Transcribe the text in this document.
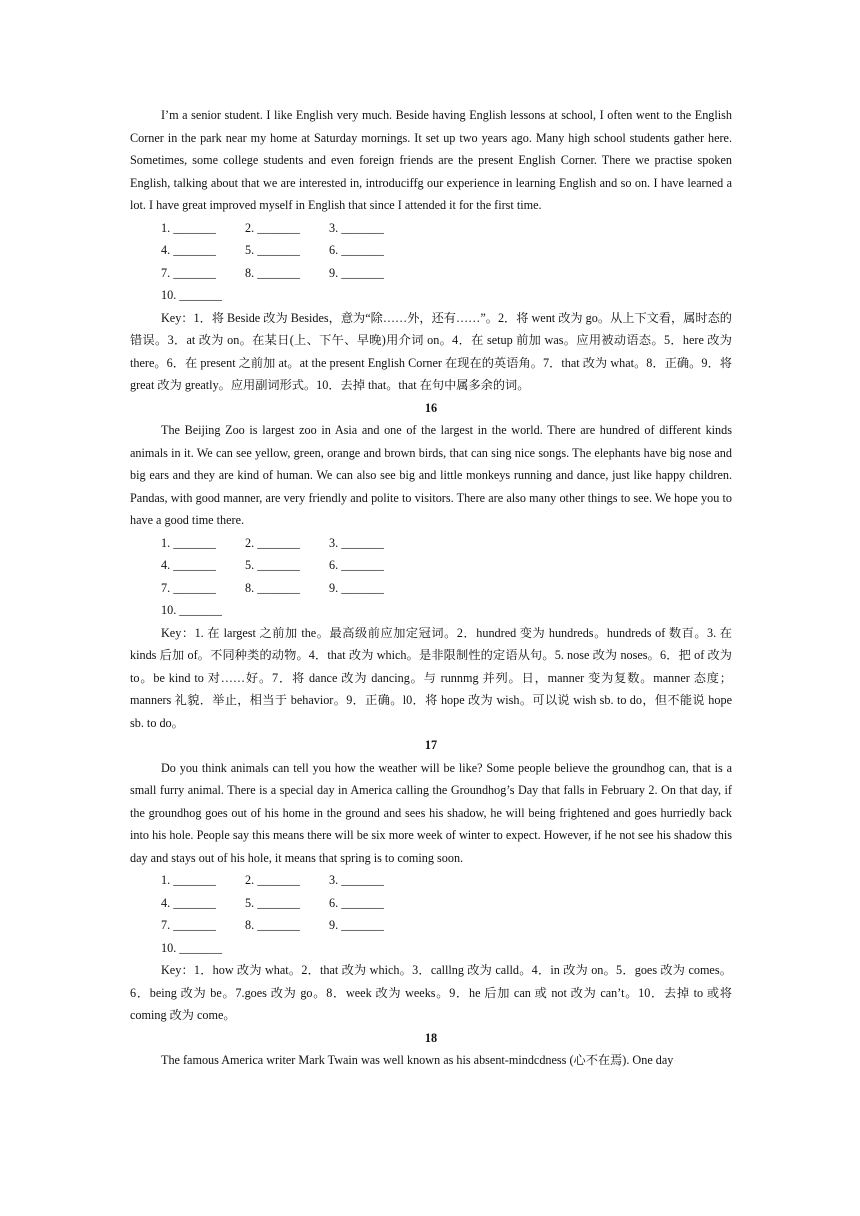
I’m a senior student. I like English very much. Beside having English lessons at school, I often went to the English Corner in the park near my home at Saturday mornings. It set up two years ago. Many high school students gather here. Sometimes, some college students and even foreign friends are the present English Corner. There we practise spoken English, talking about that we are interested in, introduciffg our experience in learning English and so on. I have learned a lot. I have great improved myself in English that since I attended it for the first time.

1. _______	2. _______	3. _______
4. _______	5. _______	6. _______
7. _______	8. _______	9. _______
10. _______

Key：1．将 Beside 改为 Besides，意为“除……外，还有……”。2．将 went 改为 go。从上下文看，属时态的错误。3．at 改为 on。在某日(上、下午、早晚)用介词 on。4．在 setup 前加 was。应用被动语态。5．here 改为 there。6．在 present 之前加 at。at the present English Corner 在现在的英语角。7．that 改为 what。8．正确。9．将 great 改为 greatly。应用副词形式。10．去掉 that。that 在句中属多余的词。

16

The Beijing Zoo is largest zoo in Asia and one of the largest in the world. There are hundred of different kinds animals in it. We can see yellow, green, orange and brown birds, that can sing nice songs. The elephants have big nose and big ears and they are kind of human. We can also see big and little monkeys running and dance, just like happy children. Pandas, with good manner, are very friendly and polite to visitors. There are also many other things to see. We hope you to have a good time there.

1. _______	2. _______	3. _______
4. _______	5. _______	6. _______
7. _______	8. _______	9. _______
10. _______

Key：1. 在 largest 之前加 the。最高级前应加定冠词。2．hundred 变为 hundreds。hundreds of 数百。3. 在 kinds 后加 of。不同种类的动物。4．that 改为 which。是非限制性的定语从句。5. nose 改为 noses。6．把 of 改为 to。be kind to 对……好。7．将 dance 改为 dancing。与 runnmg 并列。日，manner 变为复数。manner 态度；manners 礼貌．举止，相当于 behavior。9．正确。l0．将 hope 改为 wish。可以说 wish sb. to do，但不能说 hope sb. to do。

17

Do you think animals can tell you how the weather will be like? Some people believe the groundhog can, that is a small furry animal. There is a special day in America calling the Groundhog’s Day that falls in February 2. On that day, if the groundhog goes out of his home in the ground and sees his shadow, he will being frightened and goes hurriedly back into his hole. People say this means there will be six more week of winter to expect. However, if he not see his shadow this day and stays out of his hole, it means that spring is to coming soon.

1. _______	2. _______	3. _______
4. _______	5. _______	6. _______
7. _______	8. _______	9. _______
10. _______

Key：1．how 改为 what。2．that 改为 which。3．calllng 改为 calld。4．in 改为 on。5．goes 改为 comes。6．being 改为 be。7.goes 改为 go。8．week 改为 weeks。9．he 后加 can 或 not 改为 can’t。10．去掉 to 或将 coming 改为 come。

18

The famous America writer Mark Twain was well known as his absent-mindcdness (心不在焉). One day
